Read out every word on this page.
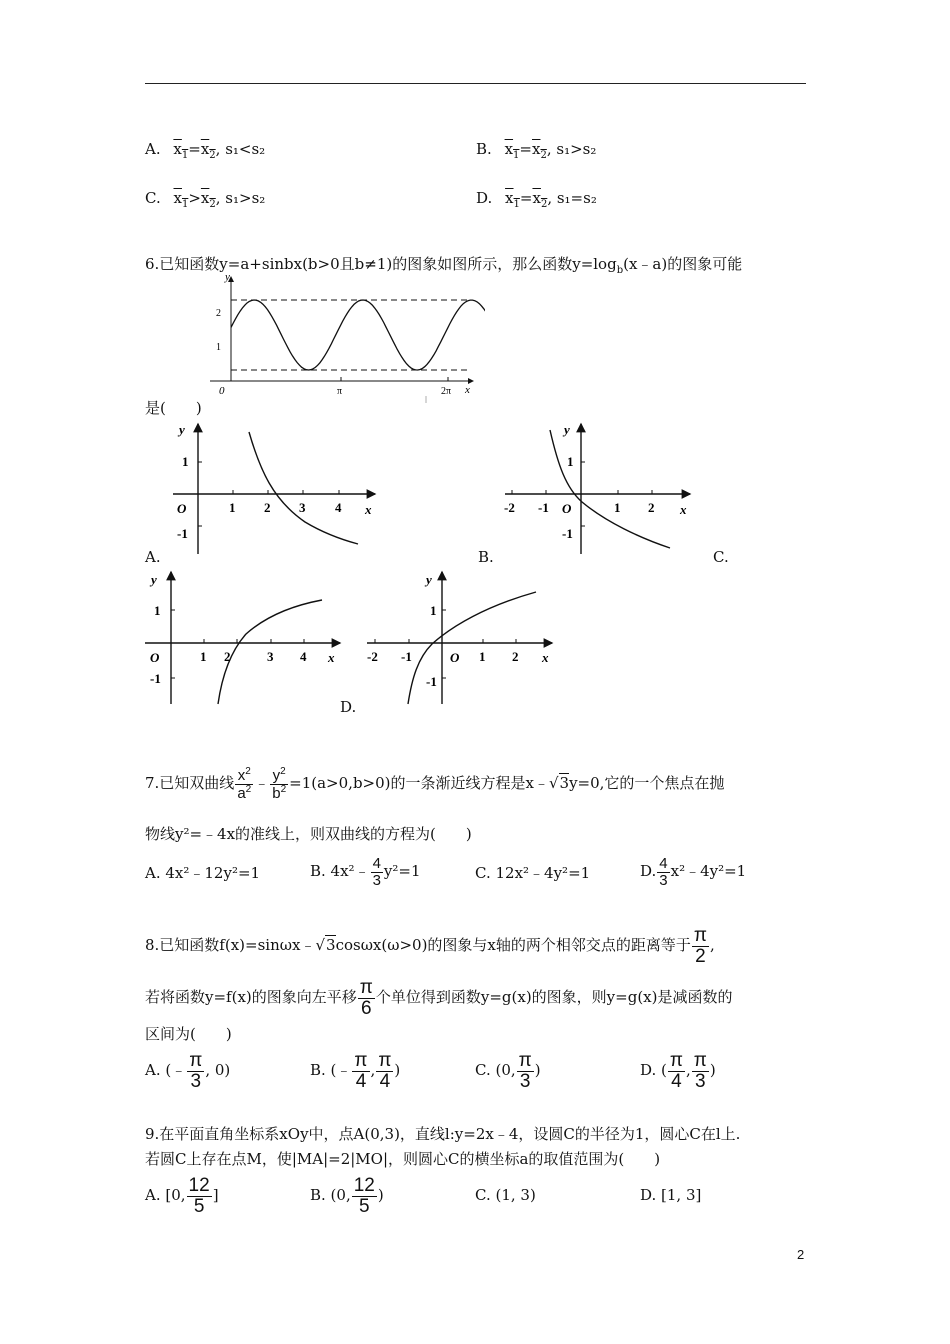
A. $x_1=x_2$, s₁<s₂	B. $x_1=x_2$, s₁>s₂
C. $x_1>x_2$, s₁>s₂	D. $x_1=x_2$, s₁=s₂
6.已知函数y=a+sinbx(b>0且b≠1)的图象如图所示，那么函数$y=\log_b(x﹣a)$的图象可能
y
x
0	π	2π
2
1
是(　　)
y
x
O	1 2 3 4
1
-1
A.
y
x
O
-2 -1	1 2
1
-1
B.	C.
y
x
O	1 2	3 4
1
-1
y
x
O
-2 -1	1 2
1
-1
D.
7.已知双曲线 $\frac{x^2}{a^2}$ ﹣ $\frac{y^2}{b^2} =1(a>0,b>0)$的一条渐近线方程是x﹣√3y=0,它的一个焦点在抛
物线y²=﹣4x的准线上，则双曲线的方程为(　　)
A. 4x²﹣12y²=1	B. 4x²﹣ $\frac{4}{3} y^2=1$	C. 12x²﹣4y²=1	D. $\frac{4}{3}$ x²﹣4y²=1
8.已知函数f(x)=sinωx﹣√3cosωx(ω>0)的图象与x轴的两个相邻交点的距离等于 $\frac{\pi}{2}$ ,
若将函数y=f(x)的图象向左平移 $\frac{\pi}{6}$ 个单位得到函数y=g(x)的图象，则y=g(x)是减函数的
区间为(　　)
A. (﹣ $\frac{\pi}{3}$ , 0)	B. (﹣ $\frac{\pi}{4}$ , $\frac{\pi}{4}$ )	C. (0, $\frac{\pi}{3}$ )	D. ( $\frac{\pi}{4}$ , $\frac{\pi}{3}$ )
9.在平面直角坐标系xOy中，点A(0,3)，直线l:y=2x﹣4，设圆C的半径为1，圆心C在l上.
若圆C上存在点M，使|MA|=2|MO|，则圆心C的横坐标a的取值范围为(　　)
A. [0, $\frac{12}{5}$ ]	B. (0, $\frac{12}{5}$ )	C. (1, 3)	D. [1, 3]
2
